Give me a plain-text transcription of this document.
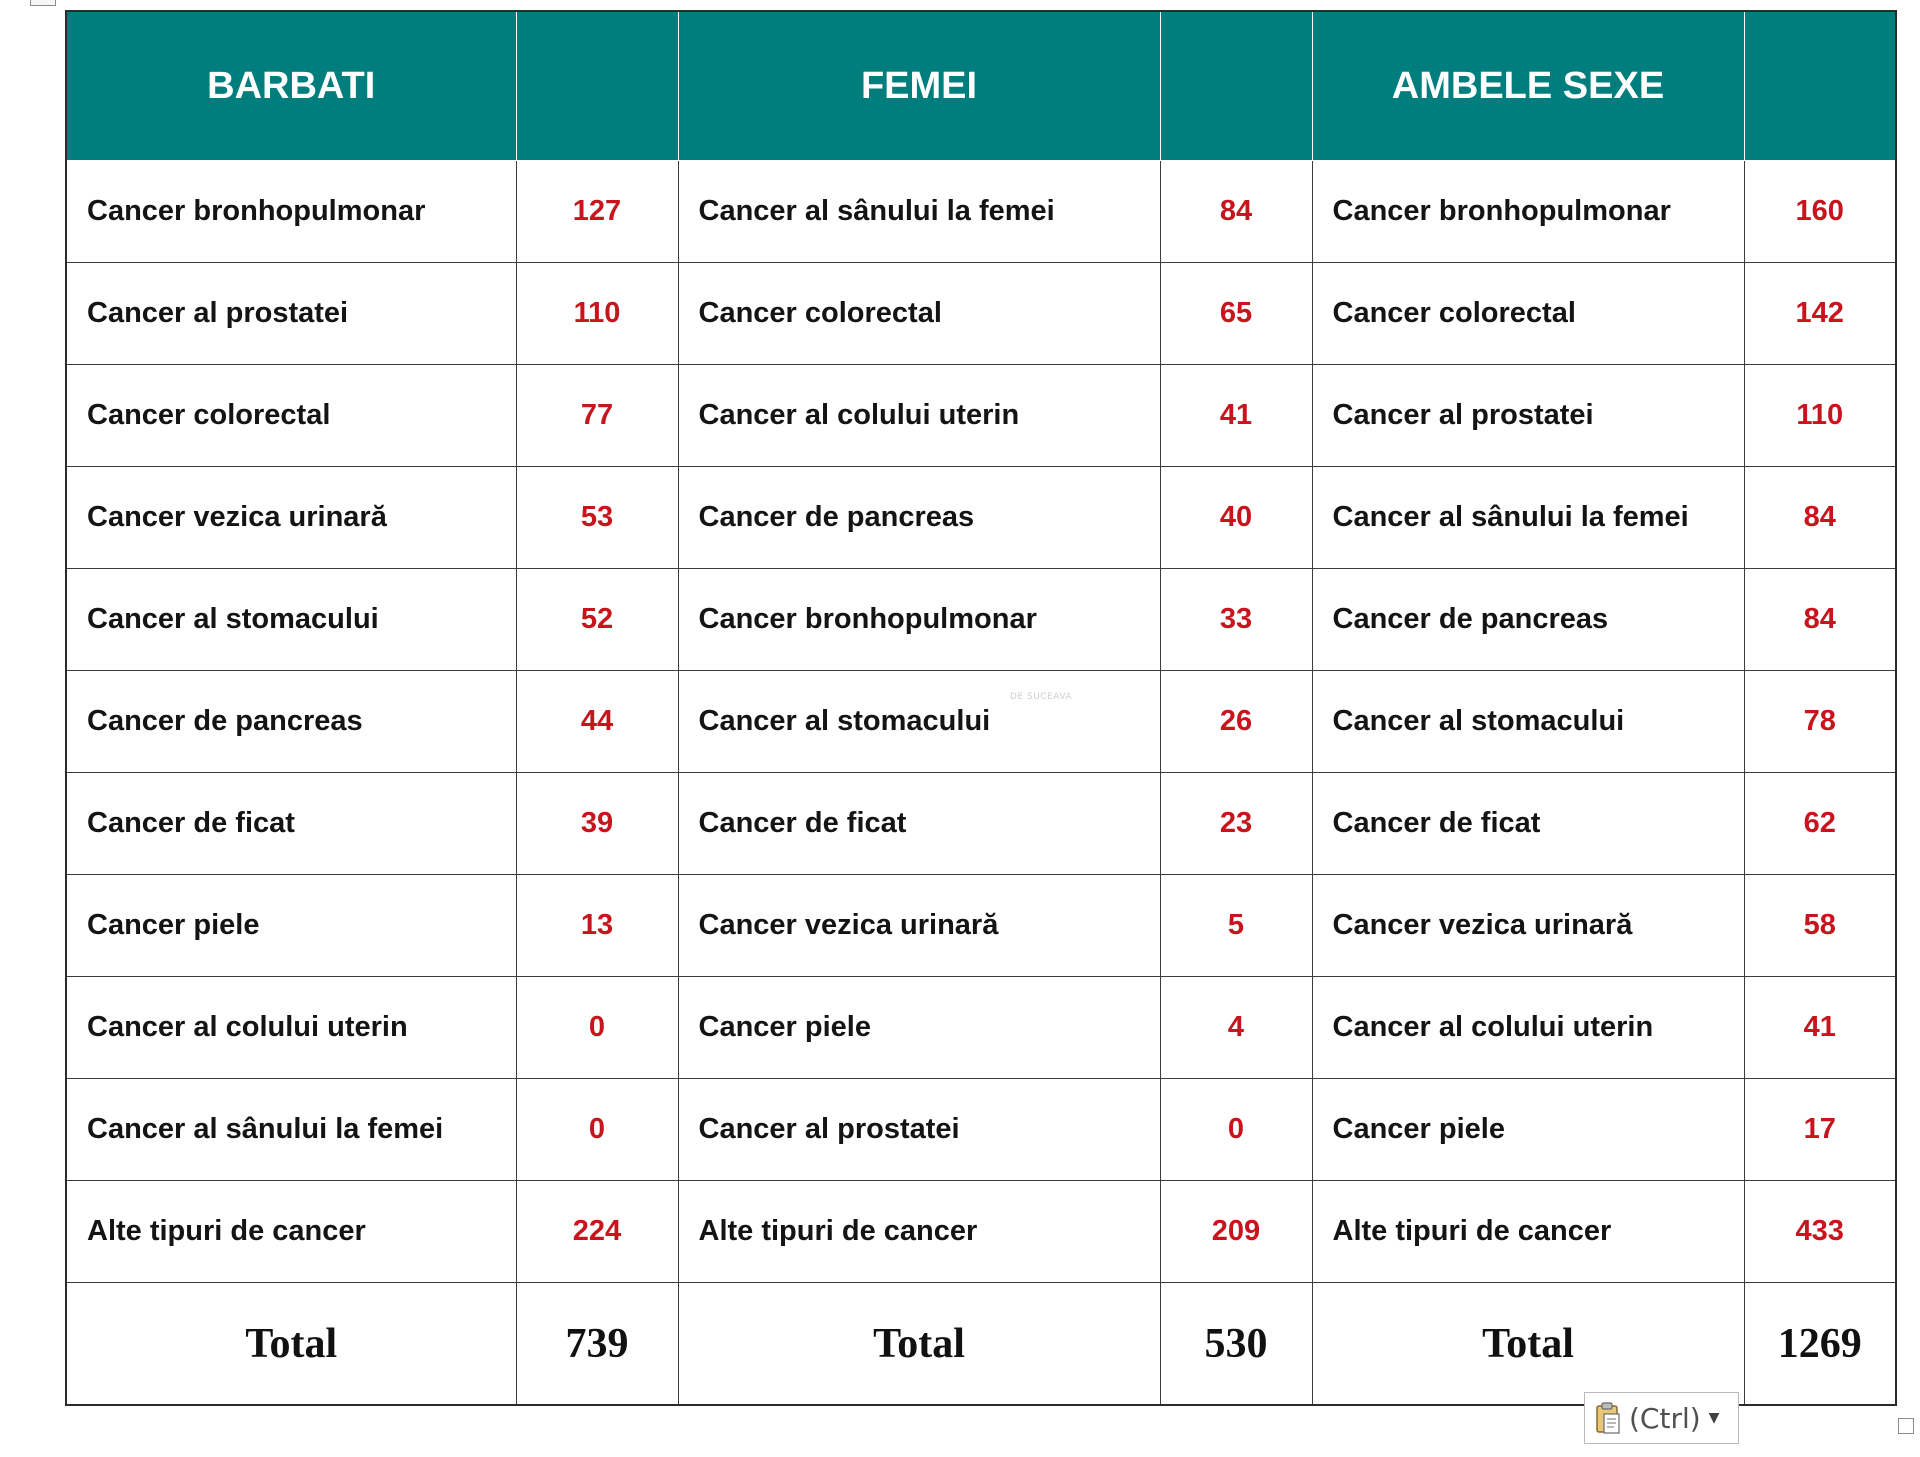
BARBATI		FEMEI		AMBELE SEXE	
Cancer bronhopulmonar	127	Cancer al sânului la femei	84	Cancer bronhopulmonar	160
Cancer al prostatei	110	Cancer colorectal	65	Cancer colorectal	142
Cancer colorectal	77	Cancer al colului uterin	41	Cancer al prostatei	110
Cancer vezica urinară	53	Cancer de pancreas	40	Cancer al sânului la femei	84
Cancer al stomacului	52	Cancer bronhopulmonar	33	Cancer de pancreas	84
Cancer de pancreas	44	Cancer al stomacului	26	Cancer al stomacului	78
Cancer de ficat	39	Cancer de ficat	23	Cancer de ficat	62
Cancer piele	13	Cancer vezica urinară	5	Cancer vezica urinară	58
Cancer al colului uterin	0	Cancer piele	4	Cancer al colului uterin	41
Cancer al sânului la femei	0	Cancer al prostatei	0	Cancer piele	17
Alte tipuri de cancer	224	Alte tipuri de cancer	209	Alte tipuri de cancer	433
Total	739	Total	530	Total	1269
DE SUCEAVA
(Ctrl) ▼
